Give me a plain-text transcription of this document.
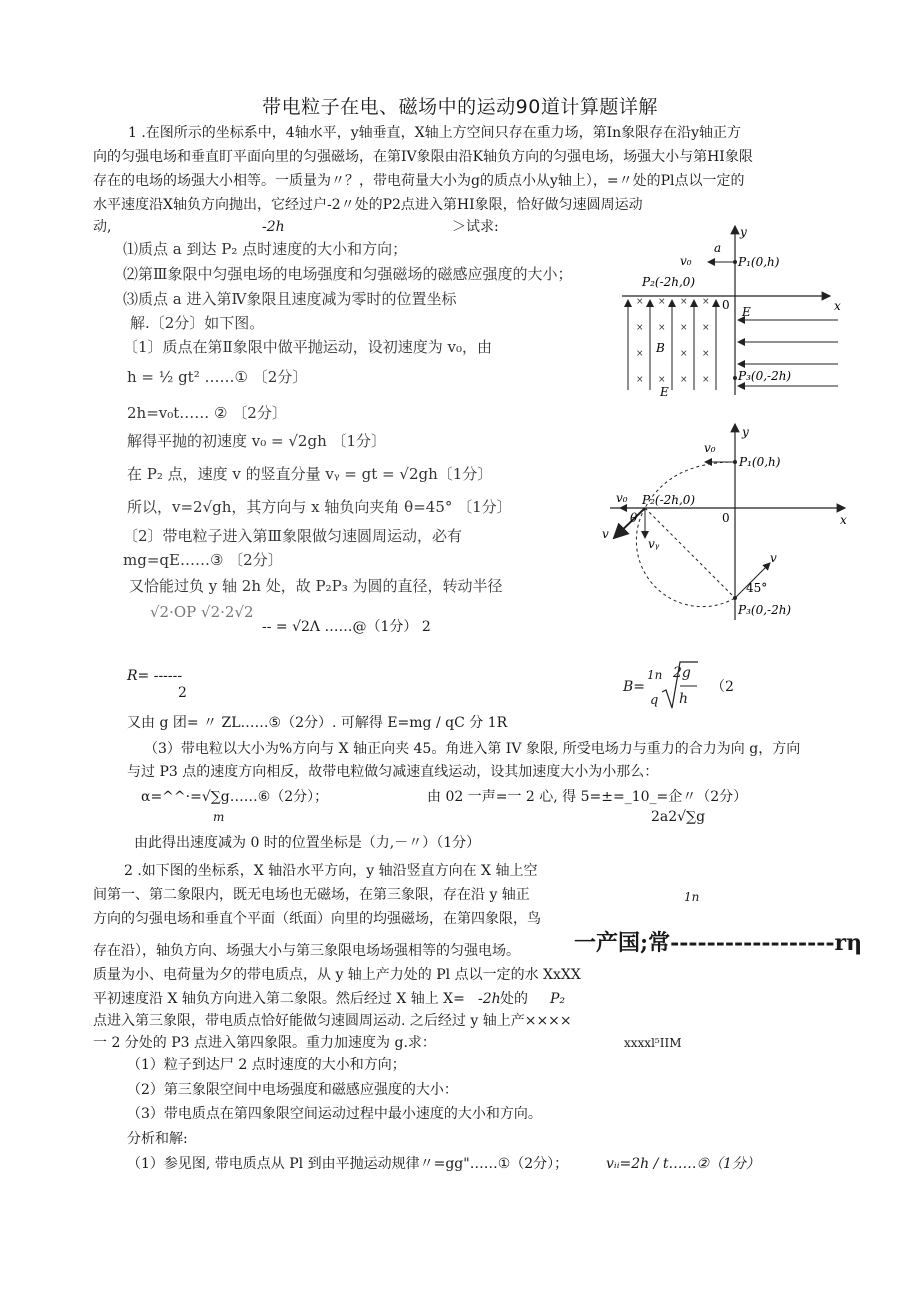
带电粒子在电、磁场中的运动90道计算题详解
1 .在图所示的坐标系中，4轴水平，y轴垂直，X轴上方空间只存在重力场，第In象限存在沿y轴正方
向的匀强电场和垂直盯平面向里的匀强磁场，在第IV象限由沿K轴负方向的匀强电场，场强大小与第HI象限
存在的电场的场强大小相等。一质量为〃？，带电荷量大小为g的质点小从y轴上），=〃处的Pl点以一定的
水平速度沿X轴负方向抛出，它经过户-2〃处的P2点进入第HI象限，恰好做匀速圆周运动
动,	-2h	＞试求:
⑴质点 a 到达 P₂ 点时速度的大小和方向；
⑵第Ⅲ象限中匀强电场的电场强度和匀强磁场的磁感应强度的大小；
⑶质点 a 进入第Ⅳ象限且速度减为零时的位置坐标
解.〔2分〕如下图。
〔1〕质点在第Ⅱ象限中做平抛运动，设初速度为 v₀，由
h = ½ gt² ……① 〔2分〕
2h=v₀t…… ② 〔2分〕
解得平抛的初速度 v₀ = √2gh 〔1分〕
在 P₂ 点，速度 v 的竖直分量 vᵧ = gt = √2gh〔1分〕
所以，v=2√gh，其方向与 x 轴负向夹角 θ=45° 〔1分〕
〔2〕带电粒子进入第Ⅲ象限做匀速圆周运动，必有
mg=qE……③ 〔2分〕
又恰能过负 y 轴 2h 处，故 P₂P₃ 为圆的直径，转动半径
√2·OP √2·2√2
-- = √2Λ ……@（1分） 2
R= ------
2	B=
1n
q
2g
h
（2
又由 g 团= 〃 ZL……⑤（2分）. 可解得 E=mg / qC 分 1R
（3）带电粒以大小为%方向与 X 轴正向夹 45。角进入第 IV 象限, 所受电场力与重力的合力为向 g，方向
与过 P3 点的速度方向相反，故带电粒做匀减速直线运动，设其加速度大小为小那么：
α=^^·=√∑g……⑥（2分）；	由 02 一声=一 2 心, 得 5=±=_10_=企〃（2分）
m	2a2√∑g
由此得出速度减为 0 时的位置坐标是（力,－〃）（1分）
2 .如下图的坐标系，X 轴沿水平方向，y 轴沿竖直方向在 X 轴上空
间第一、第二象限内，既无电场也无磁场，在第三象限，存在沿 y 轴正	1n
方向的匀强电场和垂直个平面（纸面）向里的均强磁场，在第四象限，鸟
存在沿），轴负方向、场强大小与第三象限电场场强相等的匀强电场。 一产国;常------------------rη
质量为小、电荷量为夕的带电质点，从 y 轴上产力处的 Pl 点以一定的水 XxXX
平初速度沿 X 轴负方向进入第二象限。然后经过 X 轴上 X= -2h 处的 P₂
点进入第三象限，带电质点恰好能做匀速圆周运动. 之后经过 y 轴上产××××
一 2 分处的 P3 点进入第四象限。重力加速度为 g.求：	xxxxl⁵IIM
（1）粒子到达尸 2 点时速度的大小和方向；
（2）第三象限空间中电场强度和磁感应强度的大小：
（3）带电质点在第四象限空间运动过程中最小速度的大小和方向。
分析和解:
（1）参见图, 带电质点从 Pl 到由平抛运动规律〃=gg"……①（2分）；	vᵢᵢ=2h / t……②（1分）
y
x
0
P₁(0,h)
v₀
a
P₂(-2h,0)
× × × ×
× × × ×
×	× ×
× × × ×
B
E
E
P₃(0,-2h)
y
x
0
P₁(0,h)
v₀
P₂(-2h,0)
v₀
θ
v
vᵧ
v
45°
P₃(0,-2h)
